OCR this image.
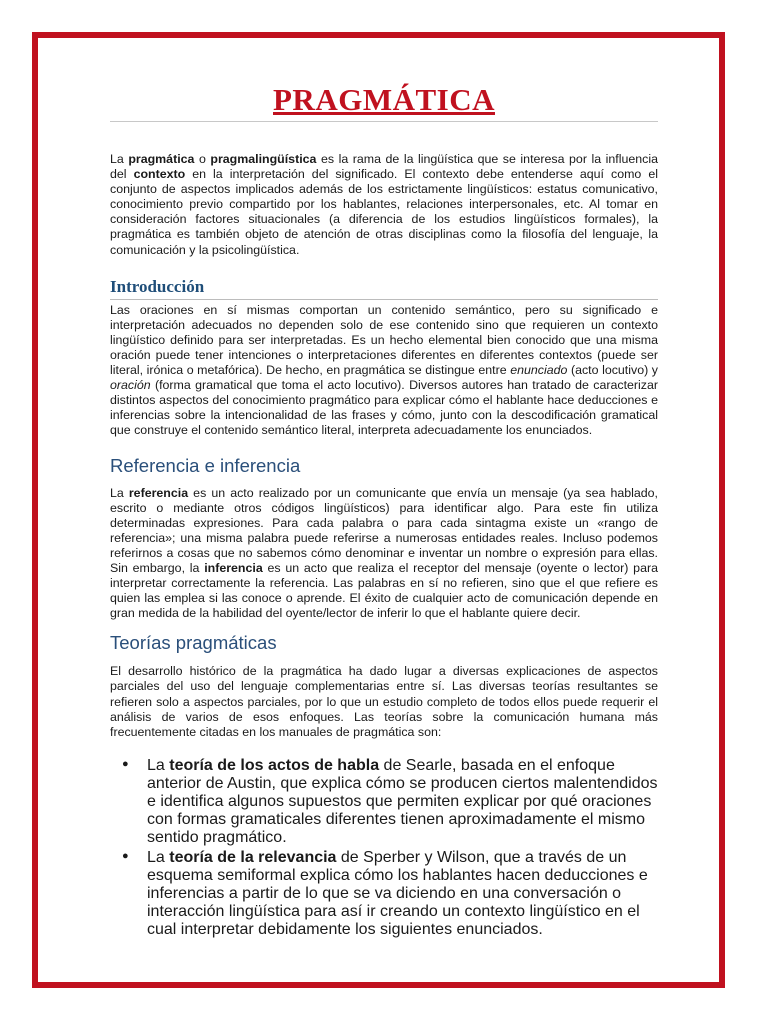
PRAGMÁTICA

La pragmática o pragmalingüística es la rama de la lingüística que se interesa por la influencia del contexto en la interpretación del significado. El contexto debe entenderse aquí como el conjunto de aspectos implicados además de los estrictamente lingüísticos: estatus comunicativo, conocimiento previo compartido por los hablantes, relaciones interpersonales, etc. Al tomar en consideración factores situacionales (a diferencia de los estudios lingüísticos formales), la pragmática es también objeto de atención de otras disciplinas como la filosofía del lenguaje, la comunicación y la psicolingüística.

Introducción

Las oraciones en sí mismas comportan un contenido semántico, pero su significado e interpretación adecuados no dependen solo de ese contenido sino que requieren un contexto lingüístico definido para ser interpretadas. Es un hecho elemental bien conocido que una misma oración puede tener intenciones o interpretaciones diferentes en diferentes contextos (puede ser literal, irónica o metafórica). De hecho, en pragmática se distingue entre enunciado (acto locutivo) y oración (forma gramatical que toma el acto locutivo). Diversos autores han tratado de caracterizar distintos aspectos del conocimiento pragmático para explicar cómo el hablante hace deducciones e inferencias sobre la intencionalidad de las frases y cómo, junto con la descodificación gramatical que construye el contenido semántico literal, interpreta adecuadamente los enunciados.

Referencia e inferencia

La referencia es un acto realizado por un comunicante que envía un mensaje (ya sea hablado, escrito o mediante otros códigos lingüísticos) para identificar algo. Para este fin utiliza determinadas expresiones. Para cada palabra o para cada sintagma existe un «rango de referencia»; una misma palabra puede referirse a numerosas entidades reales. Incluso podemos referirnos a cosas que no sabemos cómo denominar e inventar un nombre o expresión para ellas. Sin embargo, la inferencia es un acto que realiza el receptor del mensaje (oyente o lector) para interpretar correctamente la referencia. Las palabras en sí no refieren, sino que el que refiere es quien las emplea si las conoce o aprende. El éxito de cualquier acto de comunicación depende en gran medida de la habilidad del oyente/lector de inferir lo que el hablante quiere decir.

Teorías pragmáticas

El desarrollo histórico de la pragmática ha dado lugar a diversas explicaciones de aspectos parciales del uso del lenguaje complementarias entre sí. Las diversas teorías resultantes se refieren solo a aspectos parciales, por lo que un estudio completo de todos ellos puede requerir el análisis de varios de esos enfoques. Las teorías sobre la comunicación humana más frecuentemente citadas en los manuales de pragmática son:

● La teoría de los actos de habla de Searle, basada en el enfoque anterior de Austin, que explica cómo se producen ciertos malentendidos e identifica algunos supuestos que permiten explicar por qué oraciones con formas gramaticales diferentes tienen aproximadamente el mismo sentido pragmático.
● La teoría de la relevancia de Sperber y Wilson, que a través de un esquema semiformal explica cómo los hablantes hacen deducciones e inferencias a partir de lo que se va diciendo en una conversación o interacción lingüística para así ir creando un contexto lingüístico en el cual interpretar debidamente los siguientes enunciados.
